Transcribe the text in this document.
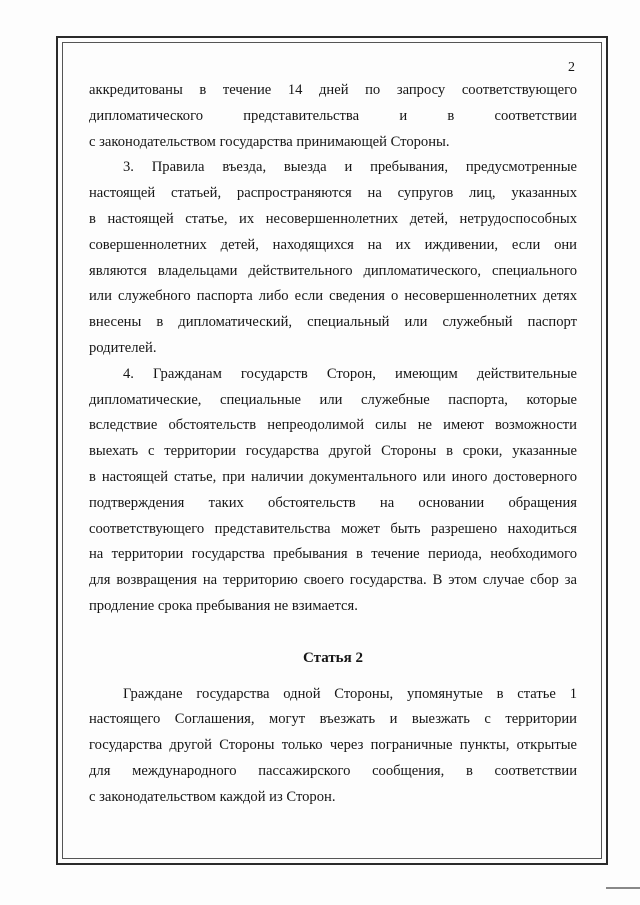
2
аккредитованы в течение 14 дней по запросу соответствующего
дипломатического представительства и в соответствии
с законодательством государства принимающей Стороны.
3. Правила въезда, выезда и пребывания, предусмотренные
настоящей статьей, распространяются на супругов лиц, указанных
в настоящей статье, их несовершеннолетних детей, нетрудоспособных
совершеннолетних детей, находящихся на их иждивении, если они
являются владельцами действительного дипломатического, специального
или служебного паспорта либо если сведения о несовершеннолетних детях
внесены в дипломатический, специальный или служебный паспорт
родителей.
4. Гражданам государств Сторон, имеющим действительные
дипломатические, специальные или служебные паспорта, которые
вследствие обстоятельств непреодолимой силы не имеют возможности
выехать с территории государства другой Стороны в сроки, указанные
в настоящей статье, при наличии документального или иного достоверного
подтверждения таких обстоятельств на основании обращения
соответствующего представительства может быть разрешено находиться
на территории государства пребывания в течение периода, необходимого
для возвращения на территорию своего государства. В этом случае сбор за
продление срока пребывания не взимается.
Статья 2
Граждане государства одной Стороны, упомянутые в статье 1
настоящего Соглашения, могут въезжать и выезжать с территории
государства другой Стороны только через пограничные пункты, открытые
для международного пассажирского сообщения, в соответствии
с законодательством каждой из Сторон.
